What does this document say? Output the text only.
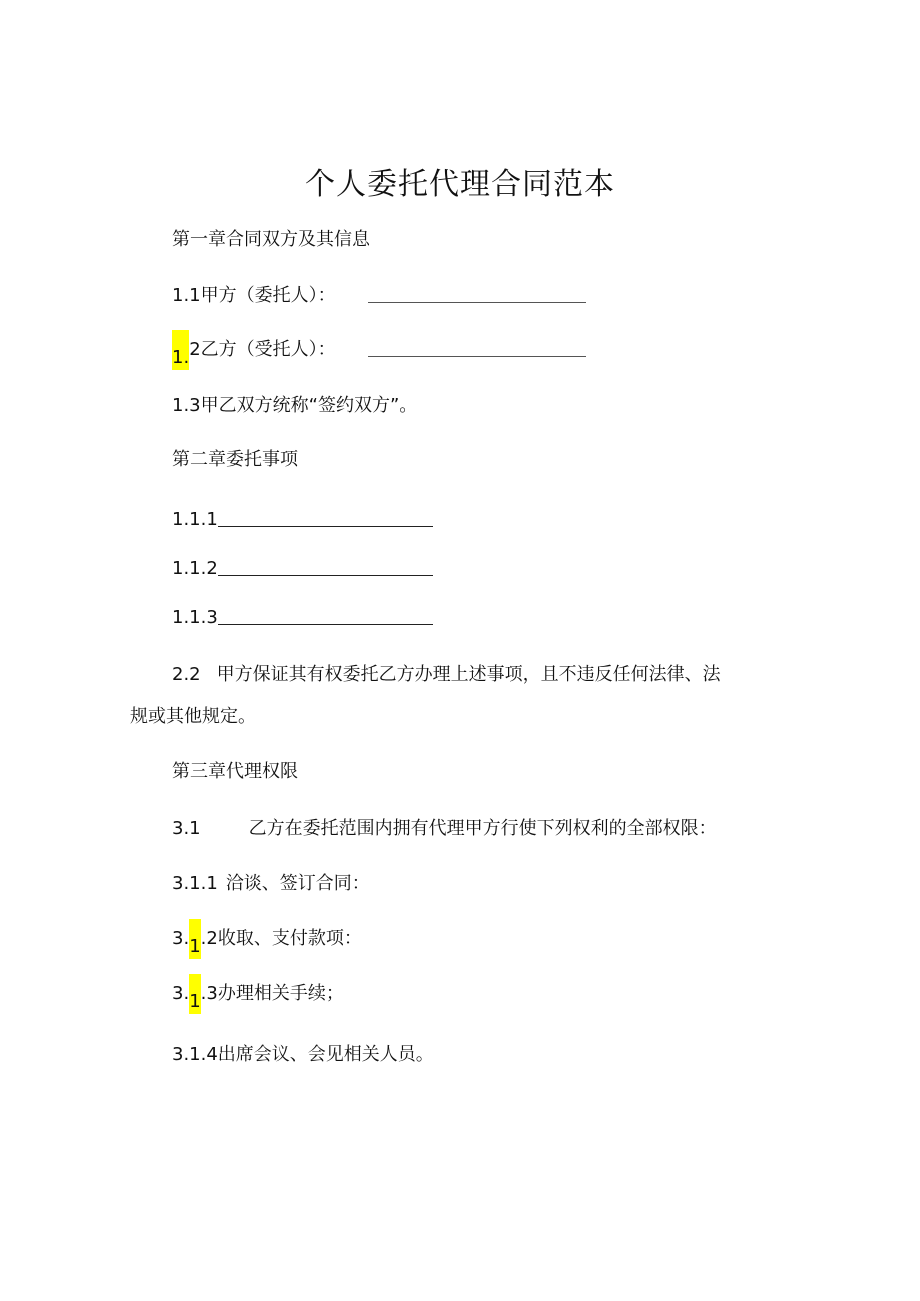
个人委托代理合同范本
第一章合同双方及其信息
1.1甲方（委托人）：
1.2乙方（受托人）：
1.3甲乙双方统称“签约双方”。
第二章委托事项
1.1.1
1.1.2
1.1.3
2.2 甲方保证其有权委托乙方办理上述事项，且不违反任何法律、法
规或其他规定。
第三章代理权限
3.1	乙方在委托范围内拥有代理甲方行使下列权利的全部权限：
3.1.1 洽谈、签订合同：
3.1.2收取、支付款项：
3.1.3办理相关手续；
3.1.4出席会议、会见相关人员。
